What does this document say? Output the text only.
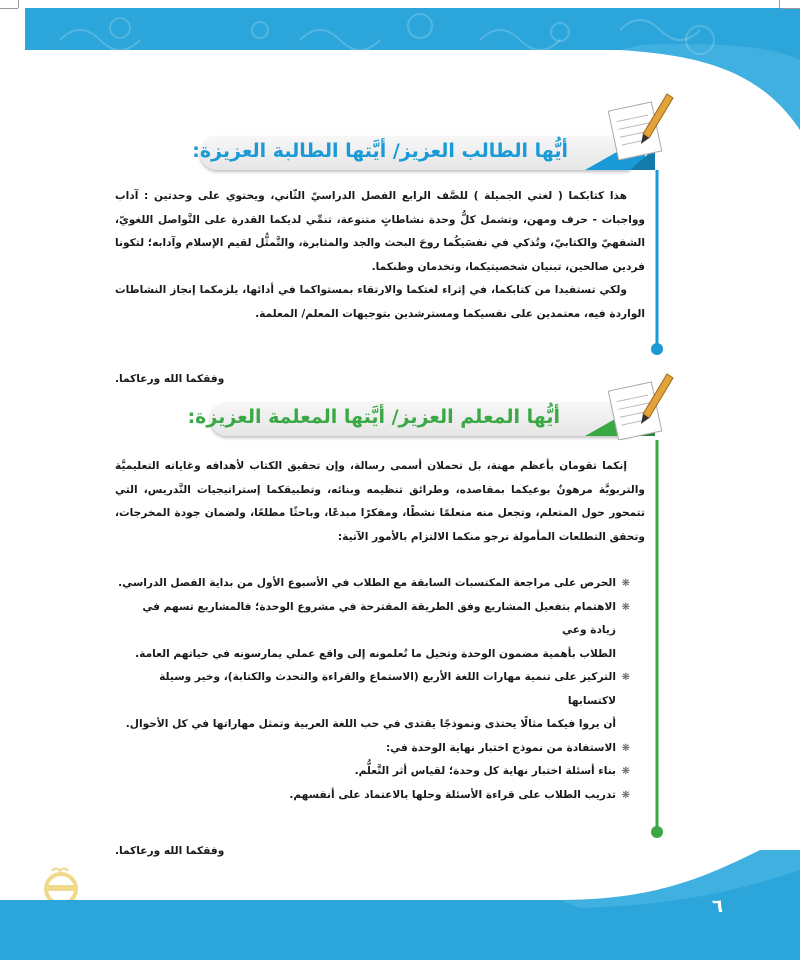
أيُّها الطالب العزيز/ أيَّتها الطالبة العزيزة:

هذا كتابكما ( لغتي الجميلة ) للصَّف الرابع الفصل الدراسيّ الثّاني، ويحتوي على وحدتين : آداب وواجبات - حرف ومهن، وتشمل كلُّ وحدة نشاطاتٍ متنوعة، تنمِّي لديكما القدرة على التَّواصل اللغويّ، الشفهيّ والكتابيّ، وتُذكي في نفسَيكُما روحَ البحث والجد والمثابرة، والتَّمثُّل لقيم الإسلام وآدابه؛ لتكونا فردين صالحين، تبنيان شخصيتيكما، وتخدمان وطنكما.

ولكي تستفيدا من كتابكما، في إثراء لغتكما والارتقاء بمستواكما في أدائها، يلزمكما إنجاز النشاطات الواردة فيه، معتمدين على نفسيكما ومسترشدين بتوجيهات المعلم/ المعلمة.

وفقكما الله ورعاكما.
أيُّها المعلم العزيز/ أيَّتها المعلمة العزيزة:

إنكما تقومان بأعظم مهنة، بل تحملان أسمى رسالة، وإن تحقيق الكتاب لأهدافه وغاياته التعليميَّة والتربويَّة مرهونٌ بوعيكما بمقاصده، وطرائق تنظيمه وبنائه، وتطبيقكما إستراتيجيات التَّدريس، التي تتمحور حول المتعلم، وتجعل منه متعلمًا نشطًا، ومفكرًا مبدعًا، وباحثًا مطلعًا، ولضمان جودة المخرجات، وتحقق التطلعات المأمولة نرجو منكما الالتزام بالأمور الآتية:

❋
الحرص على مراجعة المكتسبات السابقة مع الطلاب في الأسبوع الأول من بداية الفصل الدراسي.
❋
الاهتمام بتفعيل المشاريع وفق الطريقة المقترحة في مشروع الوحدة؛ فالمشاريع تسهم في زيادة وعي
الطلاب بأهمية مضمون الوحدة وتحيل ما تُعلمونه إلى واقع عملي يمارسونه في حياتهم العامة.
❋
التركيز على تنمية مهارات اللغة الأربع (الاستماع والقراءة والتحدث والكتابة)، وخير وسيلة لاكتسابها
أن يروا فيكما مثالًا يحتذى ونموذجًا يقتدى في حب اللغة العربية وتمثل مهاراتها في كل الأحوال.
❋
الاستفادة من نموذج اختبار نهاية الوحدة في:
❋
بناء أسئلة اختبار نهاية كل وحدة؛ لقياس أثر التَّعلُّم.
❋
تدريب الطلاب على قراءة الأسئلة وحلها بالاعتماد على أنفسهم.
وفقكما الله ورعاكما.
٦
